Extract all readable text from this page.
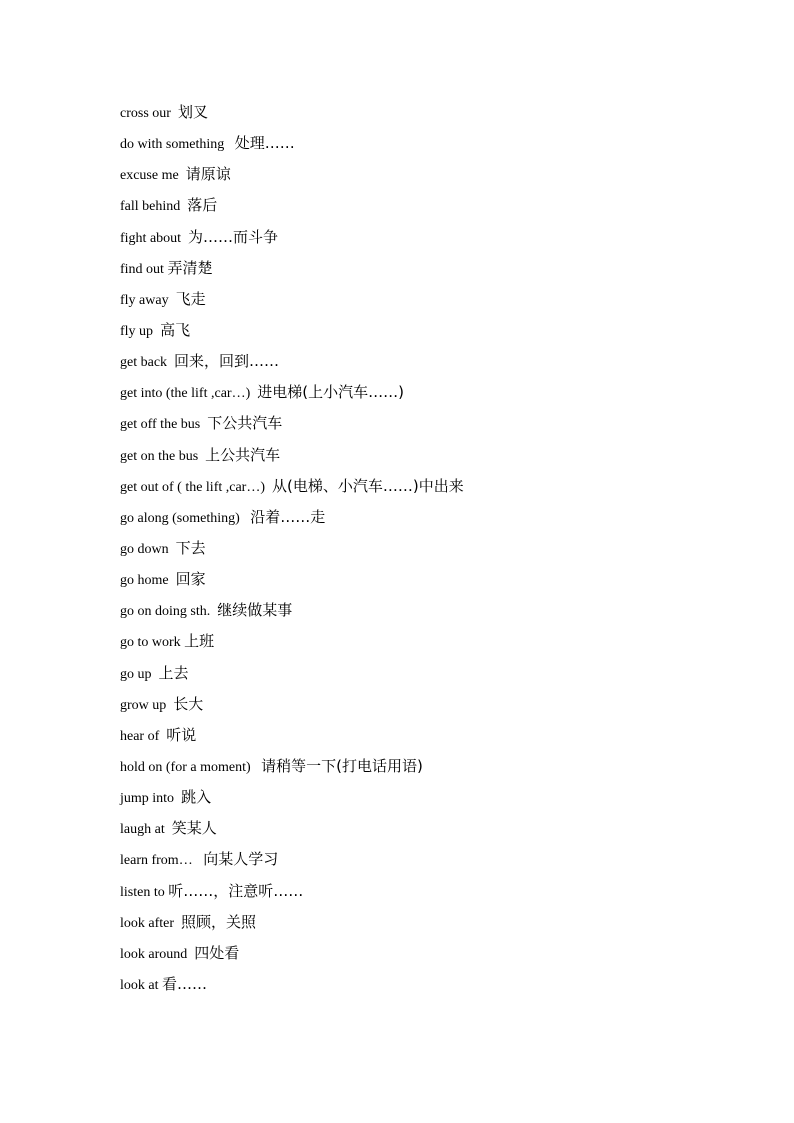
cross our 划叉
do with something 处理……
excuse me 请原谅
fall behind 落后
fight about 为……而斗争
find out 弄清楚
fly away 飞走
fly up 高飞
get back 回来，回到……
get into (the lift ,car…) 进电梯(上小汽车……)
get off the bus 下公共汽车
get on the bus 上公共汽车
get out of ( the lift ,car…) 从(电梯、小汽车……)中出来
go along (something) 沿着……走
go down 下去
go home 回家
go on doing sth. 继续做某事
go to work 上班
go up 上去
grow up 长大
hear of 听说
hold on (for a moment) 请稍等一下(打电话用语)
jump into 跳入
laugh at 笑某人
learn from… 向某人学习
listen to 听……，注意听……
look after 照顾，关照
look around 四处看
look at 看……
